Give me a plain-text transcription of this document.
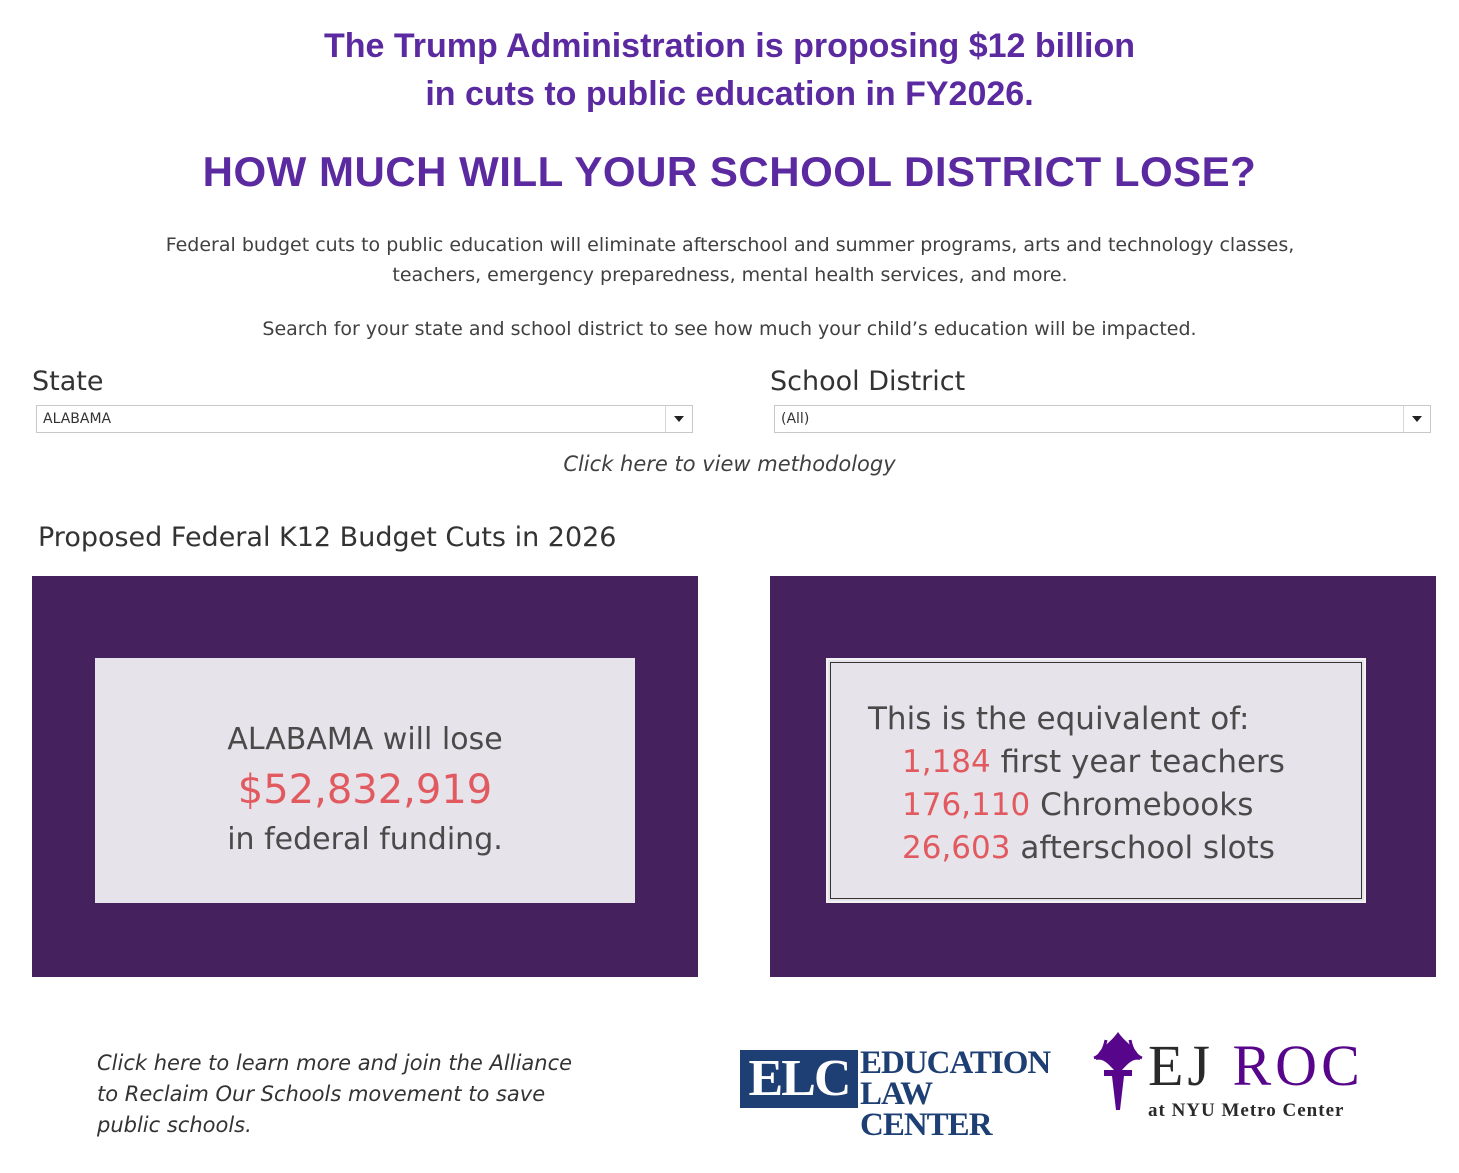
The Trump Administration is proposing $12 billion
in cuts to public education in FY2026.
HOW MUCH WILL YOUR SCHOOL DISTRICT LOSE?
Federal budget cuts to public education will eliminate afterschool and summer programs, arts and technology classes,
teachers, emergency preparedness, mental health services, and more.
Search for your state and school district to see how much your child’s education will be impacted.
State
ALABAMA
School District
(All)
Click here to view methodology
Proposed Federal K12 Budget Cuts in 2026
ALABAMA will lose
$52,832,919
in federal funding.
This is the equivalent of:
1,184 first year teachers
176,110 Chromebooks
26,603 afterschool slots
Click here to learn more and join the Alliance
to Reclaim Our Schools movement to save
public schools.
ELC EDUCATION
LAW CENTER
EJ ROC
at NYU Metro Center
